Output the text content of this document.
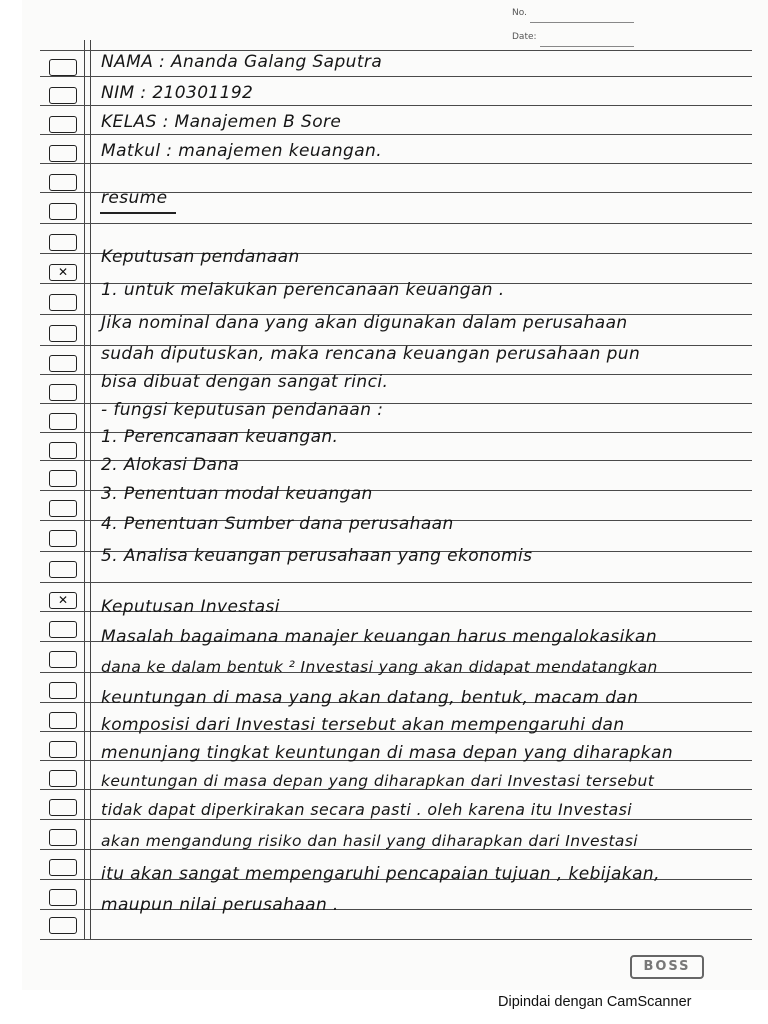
No.
Date:
✕
✕
NAMA : Ananda Galang Saputra
NIM : 210301192
KELAS : Manajemen B Sore
Matkul : manajemen keuangan.
resume
Keputusan pendanaan
1. untuk melakukan perencanaan keuangan .
Jika nominal dana yang akan digunakan dalam perusahaan
sudah diputuskan, maka rencana keuangan perusahaan pun
bisa dibuat dengan sangat rinci.
- fungsi keputusan pendanaan :
1. Perencanaan keuangan.
2. Alokasi Dana
3. Penentuan modal keuangan
4. Penentuan Sumber dana perusahaan
5. Analisa keuangan perusahaan yang ekonomis
Keputusan Investasi
Masalah bagaimana manajer keuangan harus mengalokasikan
dana ke dalam bentuk ² Investasi yang akan didapat mendatangkan
keuntungan di masa yang akan datang, bentuk, macam dan
komposisi dari Investasi tersebut akan mempengaruhi dan
menunjang tingkat keuntungan di masa depan yang diharapkan
keuntungan di masa depan yang diharapkan dari Investasi tersebut
tidak dapat diperkirakan secara pasti . oleh karena itu Investasi
akan mengandung risiko dan hasil yang diharapkan dari Investasi
itu akan sangat mempengaruhi pencapaian tujuan , kebijakan,
maupun nilai perusahaan .
BOSS
Dipindai dengan CamScanner
